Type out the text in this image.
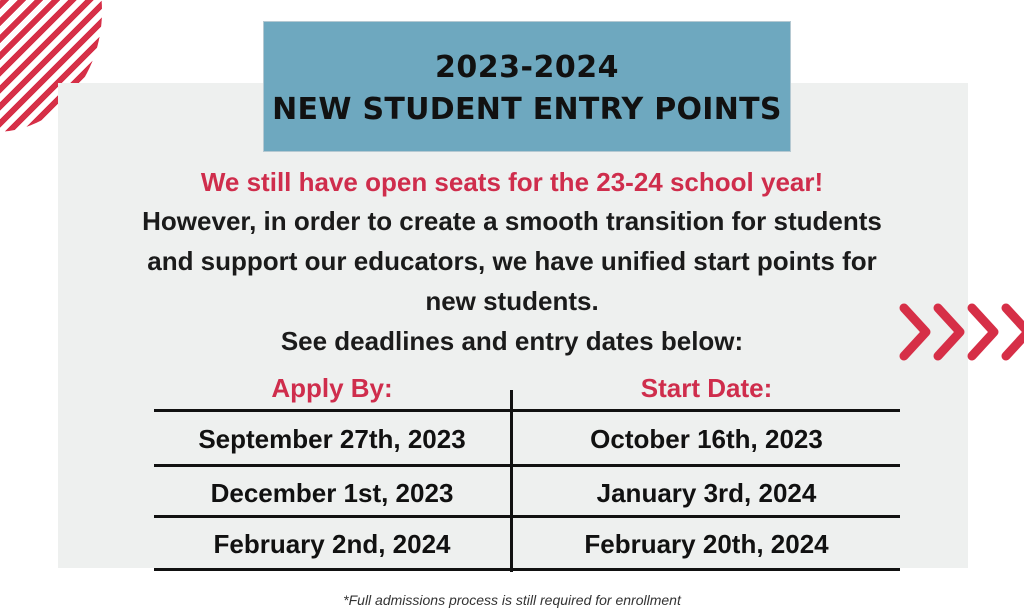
2023-2024
NEW STUDENT ENTRY POINTS
We still have open seats for the 23-24 school year!
However, in order to create a smooth transition for students
and support our educators, we have unified start points for
new students.
See deadlines and entry dates below:
Apply By:	Start Date:
September 27th, 2023	October 16th, 2023
December 1st, 2023	January 3rd, 2024
February 2nd, 2024	February 20th, 2024
*Full admissions process is still required for enrollment
